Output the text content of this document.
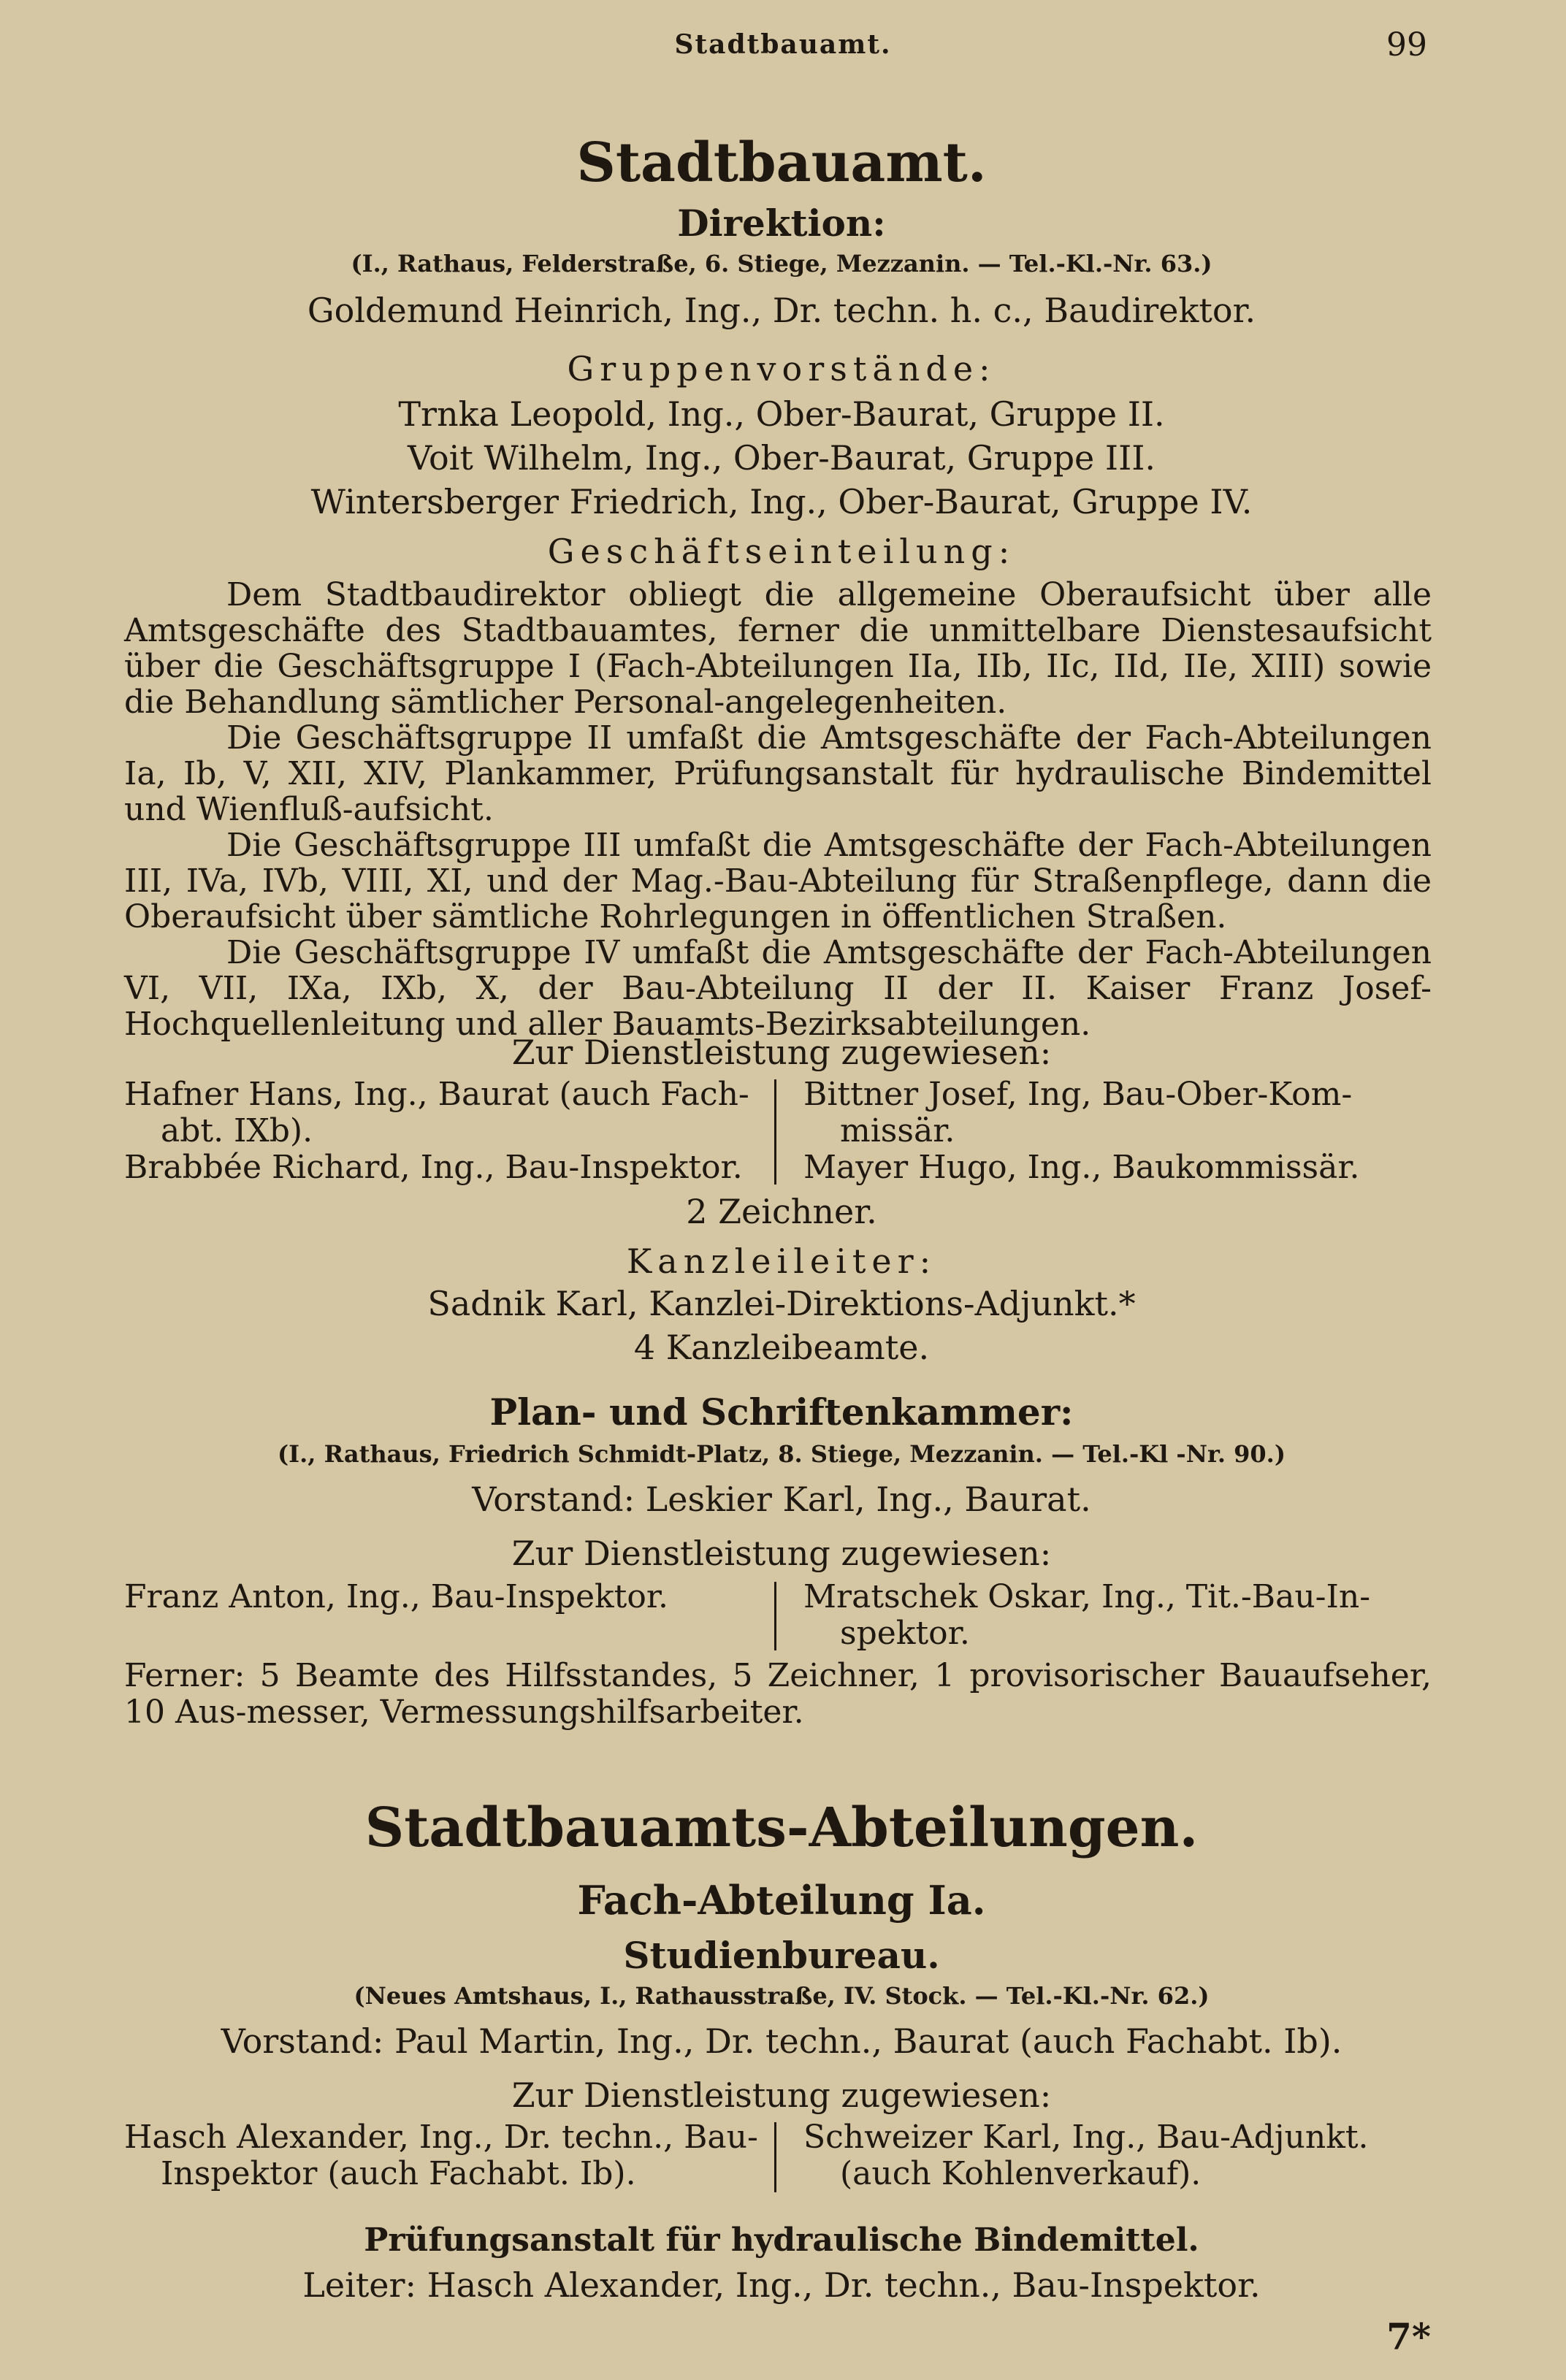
Stadtbauamt.	99
Stadtbauamt.
Direktion:
(I., Rathaus, Felderstraße, 6. Stiege, Mezzanin. — Tel.-Kl.-Nr. 63.)
Goldemund Heinrich, Ing., Dr. techn. h. c., Baudirektor.
Gruppenvorstände:
Trnka Leopold, Ing., Ober-Baurat, Gruppe II.
Voit Wilhelm, Ing., Ober-Baurat, Gruppe III.
Wintersberger Friedrich, Ing., Ober-Baurat, Gruppe IV.
Geschäftseinteilung:

Dem Stadtbaudirektor obliegt die allgemeine Oberaufsicht über alle Amtsgeschäfte des Stadtbauamtes, ferner die unmittelbare Dienstesaufsicht über die Geschäftsgruppe I (Fach-Abteilungen IIa, IIb, IIc, IId, IIe, XIII) sowie die Behandlung sämtlicher Personal-angelegenheiten.

Die Geschäftsgruppe II umfaßt die Amtsgeschäfte der Fach-Abteilungen Ia, Ib, V, XII, XIV, Plankammer, Prüfungsanstalt für hydraulische Bindemittel und Wienfluß-aufsicht.

Die Geschäftsgruppe III umfaßt die Amtsgeschäfte der Fach-Abteilungen III, IVa, IVb, VIII, XI, und der Mag.-Bau-Abteilung für Straßenpflege, dann die Oberaufsicht über sämtliche Rohrlegungen in öffentlichen Straßen.

Die Geschäftsgruppe IV umfaßt die Amtsgeschäfte der Fach-Abteilungen VI, VII, IXa, IXb, X, der Bau-Abteilung II der II. Kaiser Franz Josef-Hochquellenleitung und aller Bauamts-Bezirksabteilungen.

Zur Dienstleistung zugewiesen:
Hafner Hans, Ing., Baurat (auch Fach-abt. IXb).
Brabbée Richard, Ing., Bau-Inspektor.
Bittner Josef, Ing, Bau-Ober-Kom-missär.
Mayer Hugo, Ing., Baukommissär.
2 Zeichner.
Kanzleileiter:
Sadnik Karl, Kanzlei-Direktions-Adjunkt.*
4 Kanzleibeamte.
Plan- und Schriftenkammer:
(I., Rathaus, Friedrich Schmidt-Platz, 8. Stiege, Mezzanin. — Tel.-Kl -Nr. 90.)
Vorstand: Leskier Karl, Ing., Baurat.
Zur Dienstleistung zugewiesen:
Franz Anton, Ing., Bau-Inspektor.	Mratschek Oskar, Ing., Tit.-Bau-In-spektor.
Ferner: 5 Beamte des Hilfsstandes, 5 Zeichner, 1 provisorischer Bauaufseher, 10 Aus-messer, Vermessungshilfsarbeiter.
Stadtbauamts-Abteilungen.
Fach-Abteilung Ia.
Studienbureau.
(Neues Amtshaus, I., Rathausstraße, IV. Stock. — Tel.-Kl.-Nr. 62.)
Vorstand: Paul Martin, Ing., Dr. techn., Baurat (auch Fachabt. Ib).
Zur Dienstleistung zugewiesen:
Hasch Alexander, Ing., Dr. techn., Bau-Inspektor (auch Fachabt. Ib).
Schweizer Karl, Ing., Bau-Adjunkt. (auch Kohlenverkauf).
Prüfungsanstalt für hydraulische Bindemittel.
Leiter: Hasch Alexander, Ing., Dr. techn., Bau-Inspektor.
7*
